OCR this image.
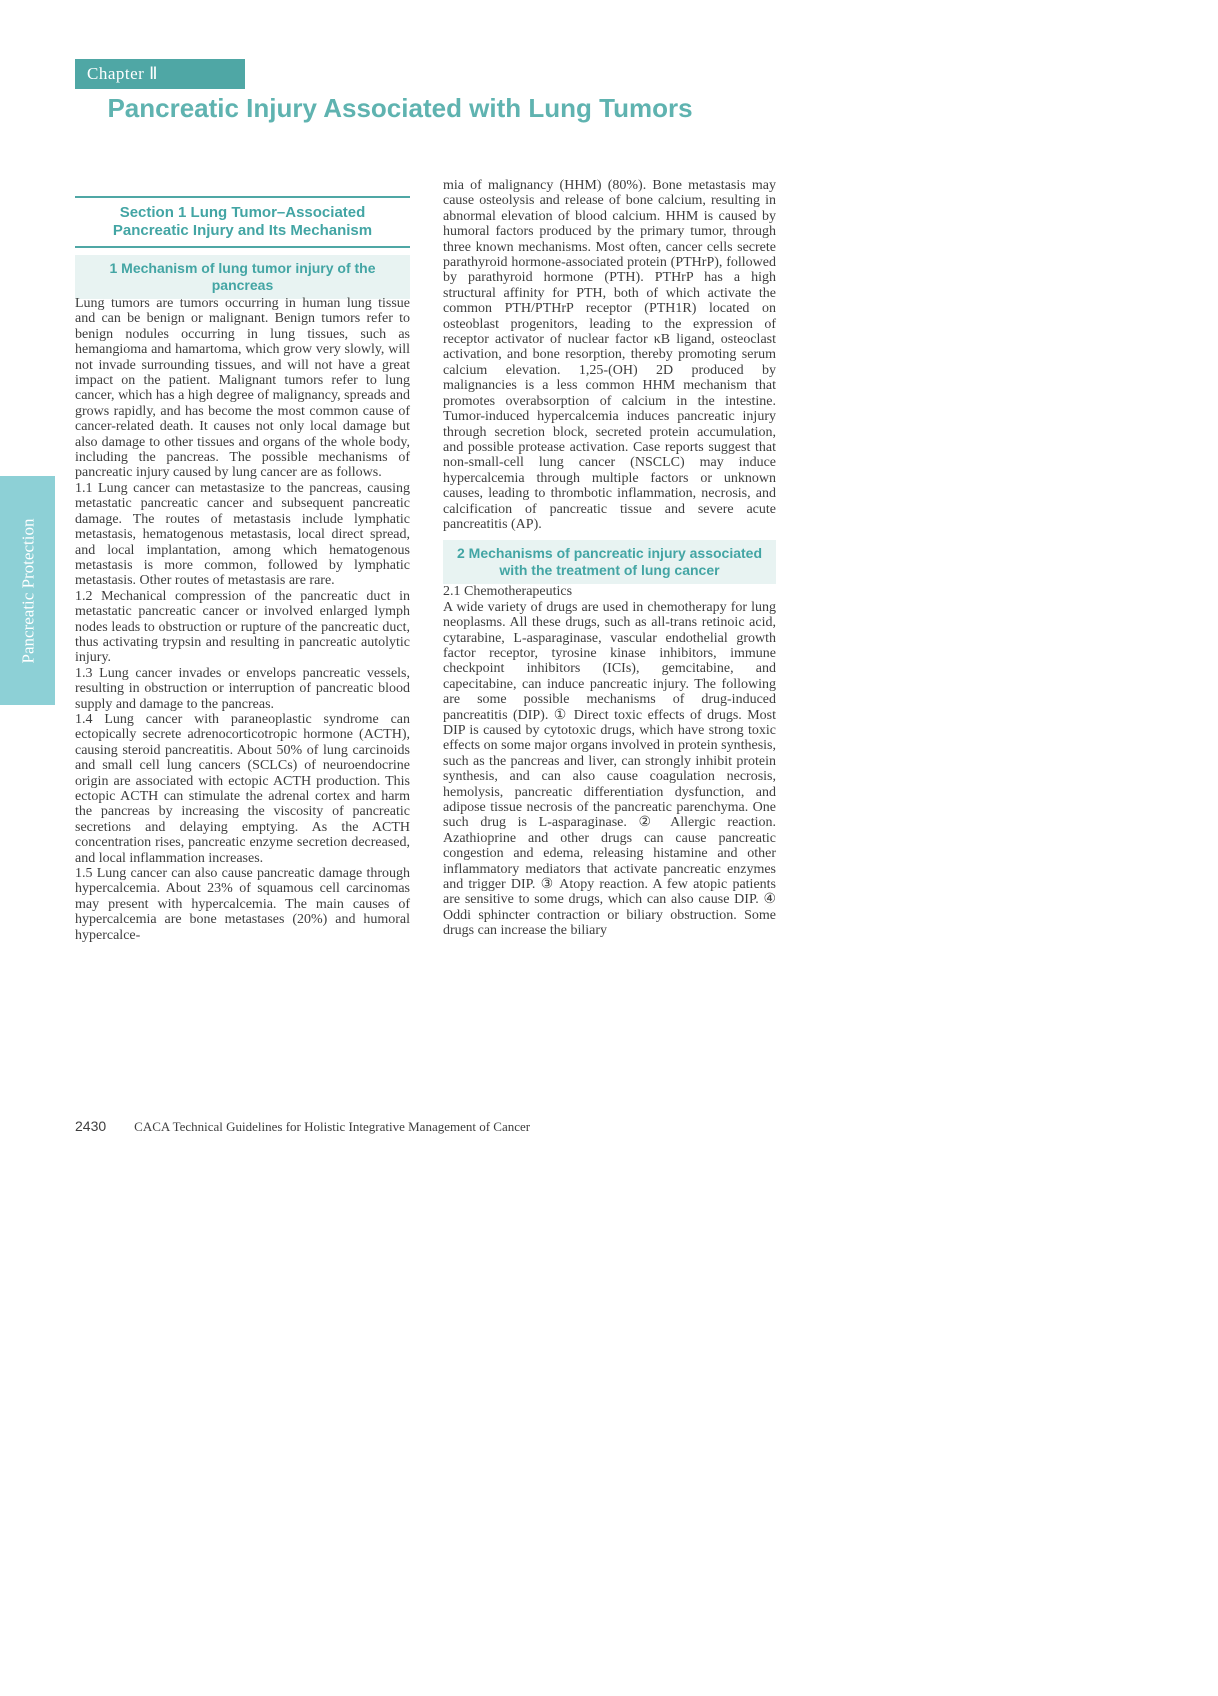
Chapter Ⅱ
Pancreatic Injury Associated with Lung Tumors
Section 1 Lung Tumor–Associated Pancreatic Injury and Its Mechanism
1 Mechanism of lung tumor injury of the pancreas

Lung tumors are tumors occurring in human lung tissue and can be benign or malignant. Benign tumors refer to benign nodules occurring in lung tissues, such as hemangioma and hamartoma, which grow very slowly, will not invade surrounding tissues, and will not have a great impact on the patient. Malignant tumors refer to lung cancer, which has a high degree of malignancy, spreads and grows rapidly, and has become the most common cause of cancer-related death. It causes not only local damage but also damage to other tissues and organs of the whole body, including the pancreas. The possible mechanisms of pancreatic injury caused by lung cancer are as follows.

1.1 Lung cancer can metastasize to the pancreas, causing metastatic pancreatic cancer and subsequent pancreatic damage. The routes of metastasis include lymphatic metastasis, hematogenous metastasis, local direct spread, and local implantation, among which hematogenous metastasis is more common, followed by lymphatic metastasis. Other routes of metastasis are rare.

1.2 Mechanical compression of the pancreatic duct in metastatic pancreatic cancer or involved enlarged lymph nodes leads to obstruction or rupture of the pancreatic duct, thus activating trypsin and resulting in pancreatic autolytic injury.

1.3 Lung cancer invades or envelops pancreatic vessels, resulting in obstruction or interruption of pancreatic blood supply and damage to the pancreas.

1.4 Lung cancer with paraneoplastic syndrome can ectopically secrete adrenocorticotropic hormone (ACTH), causing steroid pancreatitis. About 50% of lung carcinoids and small cell lung cancers (SCLCs) of neuroendocrine origin are associated with ectopic ACTH production. This ectopic ACTH can stimulate the adrenal cortex and harm the pancreas by increasing the viscosity of pancreatic secretions and delaying emptying. As the ACTH concentration rises, pancreatic enzyme secretion decreased, and local inflammation increases.

1.5 Lung cancer can also cause pancreatic damage through hypercalcemia. About 23% of squamous cell carcinomas may present with hypercalcemia. The main causes of hypercalcemia are bone metastases (20%) and humoral hypercalce-

mia of malignancy (HHM) (80%). Bone metastasis may cause osteolysis and release of bone calcium, resulting in abnormal elevation of blood calcium. HHM is caused by humoral factors produced by the primary tumor, through three known mechanisms. Most often, cancer cells secrete parathyroid hormone-associated protein (PTHrP), followed by parathyroid hormone (PTH). PTHrP has a high structural affinity for PTH, both of which activate the common PTH/PTHrP receptor (PTH1R) located on osteoblast progenitors, leading to the expression of receptor activator of nuclear factor κB ligand, osteoclast activation, and bone resorption, thereby promoting serum calcium elevation. 1,25-(OH) 2D produced by malignancies is a less common HHM mechanism that promotes overabsorption of calcium in the intestine. Tumor-induced hypercalcemia induces pancreatic injury through secretion block, secreted protein accumulation, and possible protease activation. Case reports suggest that non-small-cell lung cancer (NSCLC) may induce hypercalcemia through multiple factors or unknown causes, leading to thrombotic inflammation, necrosis, and calcification of pancreatic tissue and severe acute pancreatitis (AP).

2 Mechanisms of pancreatic injury associated with the treatment of lung cancer

2.1 Chemotherapeutics

A wide variety of drugs are used in chemotherapy for lung neoplasms. All these drugs, such as all-trans retinoic acid, cytarabine, L-asparaginase, vascular endothelial growth factor receptor, tyrosine kinase inhibitors, immune checkpoint inhibitors (ICIs), gemcitabine, and capecitabine, can induce pancreatic injury. The following are some possible mechanisms of drug-induced pancreatitis (DIP). ① Direct toxic effects of drugs. Most DIP is caused by cytotoxic drugs, which have strong toxic effects on some major organs involved in protein synthesis, such as the pancreas and liver, can strongly inhibit protein synthesis, and can also cause coagulation necrosis, hemolysis, pancreatic differentiation dysfunction, and adipose tissue necrosis of the pancreatic parenchyma. One such drug is L-asparaginase. ② Allergic reaction. Azathioprine and other drugs can cause pancreatic congestion and edema, releasing histamine and other inflammatory mediators that activate pancreatic enzymes and trigger DIP. ③ Atopy reaction. A few atopic patients are sensitive to some drugs, which can also cause DIP. ④ Oddi sphincter contraction or biliary obstruction. Some drugs can increase the biliary

Pancreatic Protection
2430 CACA Technical Guidelines for Holistic Integrative Management of Cancer
